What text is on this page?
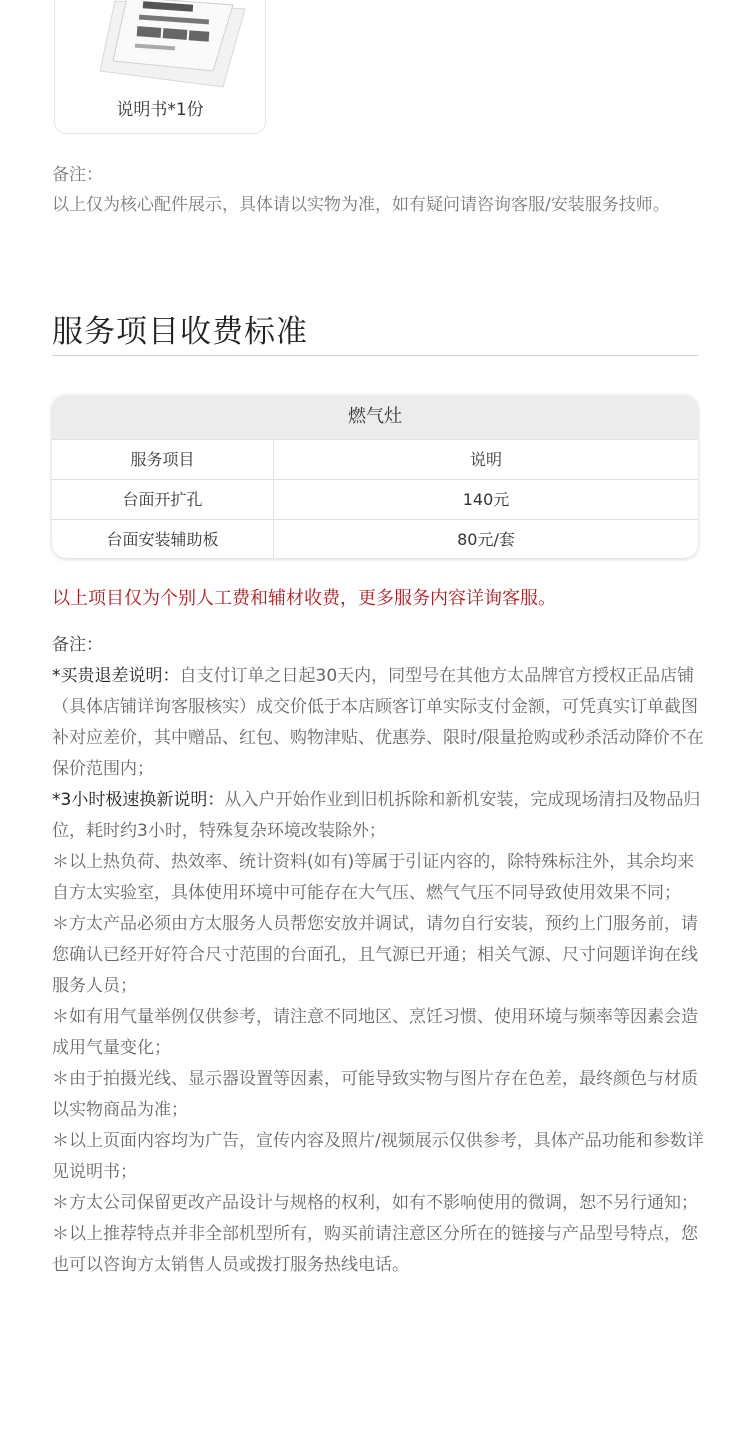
说明书*1份
备注：
以上仅为核心配件展示，具体请以实物为准，如有疑问请咨询客服/安装服务技师。
服务项目收费标准
燃气灶
服务项目	说明
台面开扩孔	140元
台面安装辅助板	80元/套
以上项目仅为个别人工费和辅材收费，更多服务内容详询客服。

备注：

*买贵退差说明：自支付订单之日起30天内，同型号在其他方太品牌官方授权正品店铺（具体店铺详询客服核实）成交价低于本店顾客订单实际支付金额，可凭真实订单截图补对应差价，其中赠品、红包、购物津贴、优惠券、限时/限量抢购或秒杀活动降价不在保价范围内；

*3小时极速换新说明：从入户开始作业到旧机拆除和新机安装，完成现场清扫及物品归位，耗时约3小时，特殊复杂环境改装除外；

＊以上热负荷、热效率、统计资料(如有)等属于引证内容的，除特殊标注外，其余均来自方太实验室，具体使用环境中可能存在大气压、燃气气压不同导致使用效果不同；

＊方太产品必须由方太服务人员帮您安放并调试，请勿自行安装，预约上门服务前，请您确认已经开好符合尺寸范围的台面孔，且气源已开通；相关气源、尺寸问题详询在线服务人员；

＊如有用气量举例仅供参考，请注意不同地区、烹饪习惯、使用环境与频率等因素会造成用气量变化；

＊由于拍摄光线、显示器设置等因素，可能导致实物与图片存在色差，最终颜色与材质以实物商品为准；

＊以上页面内容均为广告，宣传内容及照片/视频展示仅供参考，具体产品功能和参数详见说明书；

＊方太公司保留更改产品设计与规格的权利，如有不影响使用的微调，恕不另行通知；

＊以上推荐特点并非全部机型所有，购买前请注意区分所在的链接与产品型号特点，您也可以咨询方太销售人员或拨打服务热线电话。
